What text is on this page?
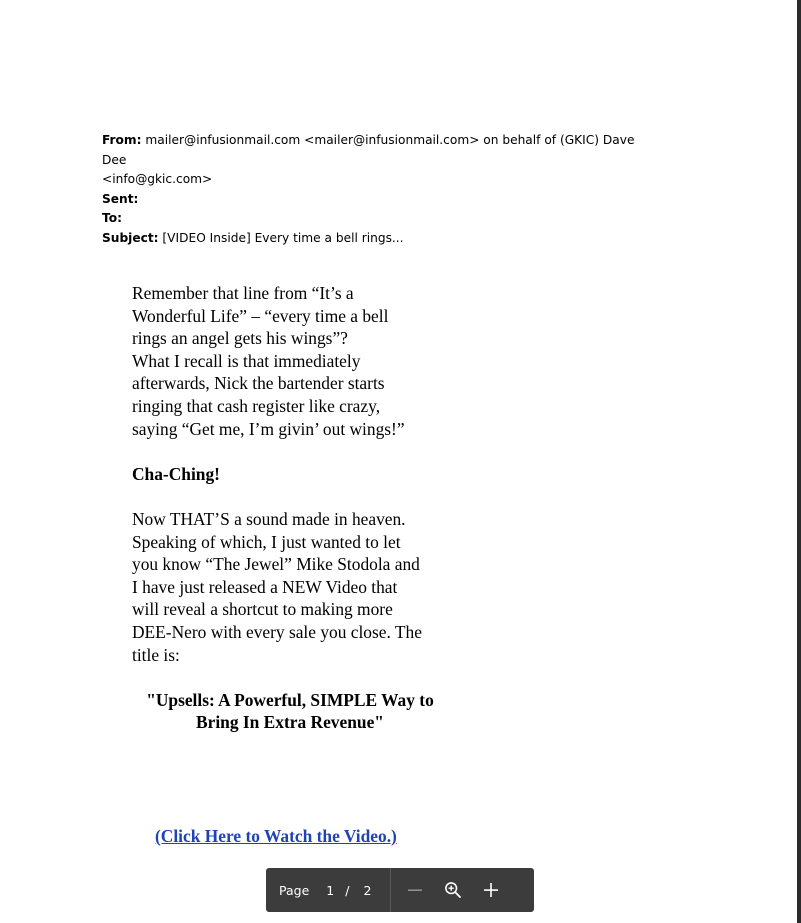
From: mailer@infusionmail.com <mailer@infusionmail.com> on behalf of (GKIC) Dave Dee
<info@gkic.com>
Sent:
To:
Subject: [VIDEO Inside] Every time a bell rings...

Remember that line from “It’s a

Wonderful Life” – “every time a bell

rings an angel gets his wings”?

What I recall is that immediately

afterwards, Nick the bartender starts

ringing that cash register like crazy,

saying “Get me, I’m givin’ out wings!”

Cha-Ching!

Now THAT’S a sound made in heaven.

Speaking of which, I just wanted to let

you know “The Jewel” Mike Stodola and

I have just released a NEW Video that

will reveal a shortcut to making more

DEE-Nero with every sale you close. The

title is:

"Upsells: A Powerful, SIMPLE Way to

Bring In Extra Revenue"

(Click Here to Watch the Video.)
Page	1 / 2
